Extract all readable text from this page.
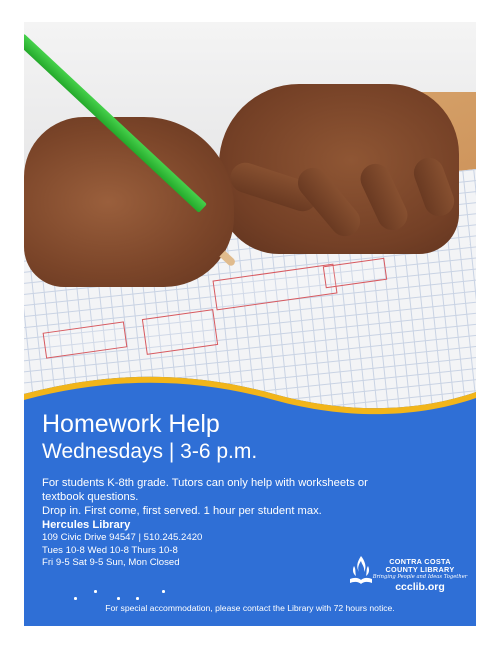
Homework Help
Wednesdays | 3-6 p.m.
For students K-8th grade. Tutors can only help with worksheets or
textbook questions.
Drop in. First come, first served. 1 hour per student max.
Hercules Library
109 Civic Drive 94547 | 510.245.2420
Tues 10-8 Wed 10-8 Thurs 10-8
Fri 9-5 Sat 9-5 Sun, Mon Closed	CONTRA COSTA
COUNTY LIBRARY
Bringing People and Ideas Together
ccclib.org
For special accommodation, please contact the Library with 72 hours notice.
